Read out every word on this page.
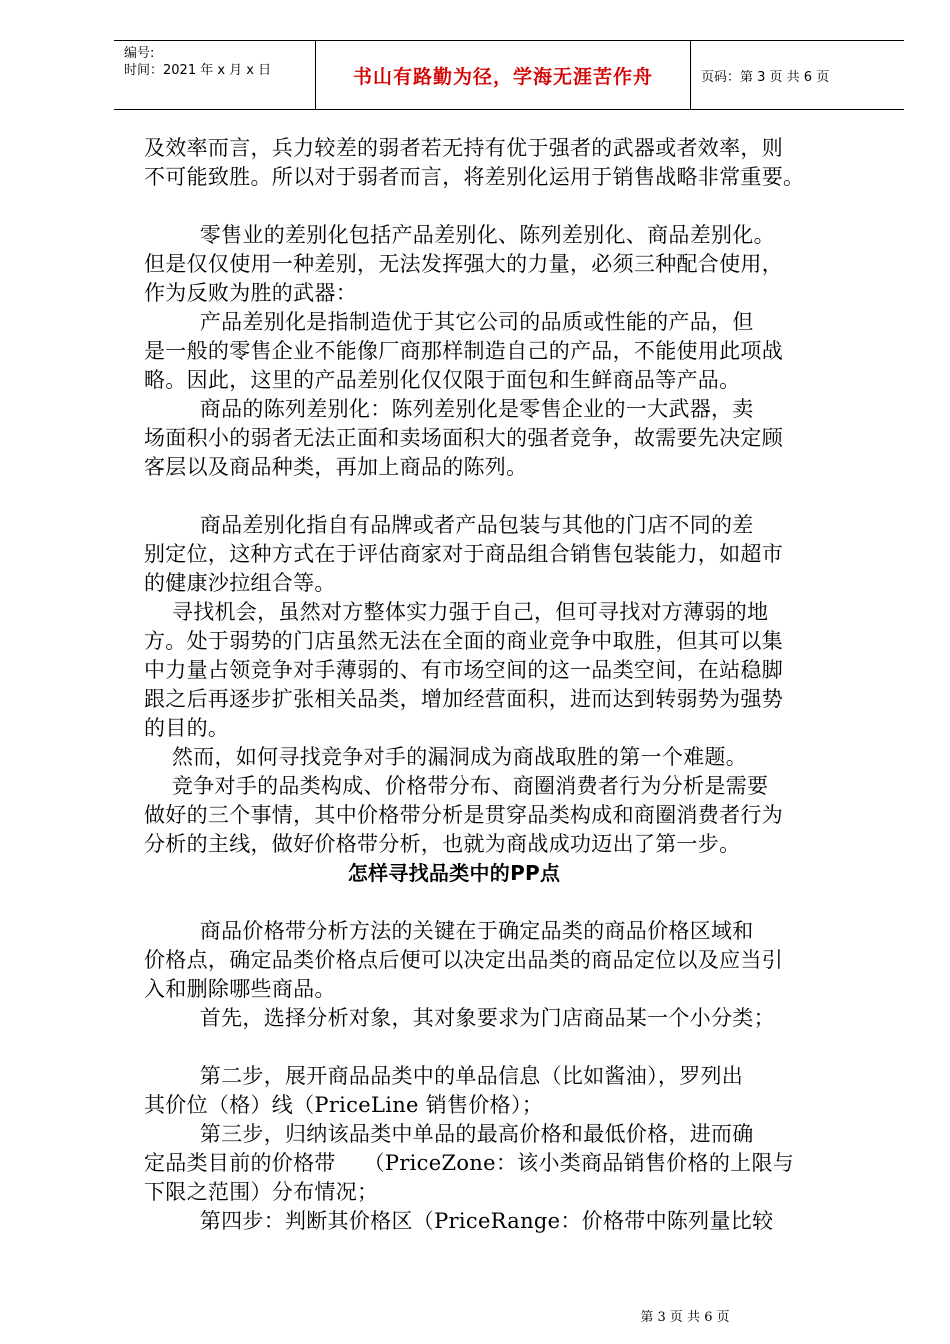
编号:
时间：2021 年 x 月 x 日	书山有路勤为径，学海无涯苦作舟	页码：第 3 页 共 6 页
及效率而言，兵力较差的弱者若无持有优于强者的武器或者效率，则
不可能致胜。所以对于弱者而言，将差别化运用于销售战略非常重要。
零售业的差别化包括产品差别化、陈列差别化、商品差别化。
但是仅仅使用一种差别，无法发挥强大的力量，必须三种配合使用，
作为反败为胜的武器：
产品差别化是指制造优于其它公司的品质或性能的产品，但
是一般的零售企业不能像厂商那样制造自己的产品，不能使用此项战
略。因此，这里的产品差别化仅仅限于面包和生鲜商品等产品。
商品的陈列差别化：陈列差别化是零售企业的一大武器，卖
场面积小的弱者无法正面和卖场面积大的强者竞争，故需要先决定顾
客层以及商品种类，再加上商品的陈列。
商品差别化指自有品牌或者产品包装与其他的门店不同的差
别定位，这种方式在于评估商家对于商品组合销售包装能力，如超市
的健康沙拉组合等。
寻找机会，虽然对方整体实力强于自己，但可寻找对方薄弱的地
方。处于弱势的门店虽然无法在全面的商业竞争中取胜，但其可以集
中力量占领竞争对手薄弱的、有市场空间的这一品类空间，在站稳脚
跟之后再逐步扩张相关品类，增加经营面积，进而达到转弱势为强势
的目的。
然而，如何寻找竞争对手的漏洞成为商战取胜的第一个难题。
竞争对手的品类构成、价格带分布、商圈消费者行为分析是需要
做好的三个事情，其中价格带分析是贯穿品类构成和商圈消费者行为
分析的主线，做好价格带分析，也就为商战成功迈出了第一步。
怎样寻找品类中的PP点
商品价格带分析方法的关键在于确定品类的商品价格区域和
价格点，确定品类价格点后便可以决定出品类的商品定位以及应当引
入和删除哪些商品。
首先，选择分析对象，其对象要求为门店商品某一个小分类；
第二步，展开商品品类中的单品信息（比如酱油），罗列出
其价位（格）线（PriceLine 销售价格）；
第三步，归纳该品类中单品的最高价格和最低价格，进而确
定品类目前的价格带    （PriceZone：该小类商品销售价格的上限与
下限之范围）分布情况；
第四步：判断其价格区（PriceRange：价格带中陈列量比较
第 3 页 共 6 页
